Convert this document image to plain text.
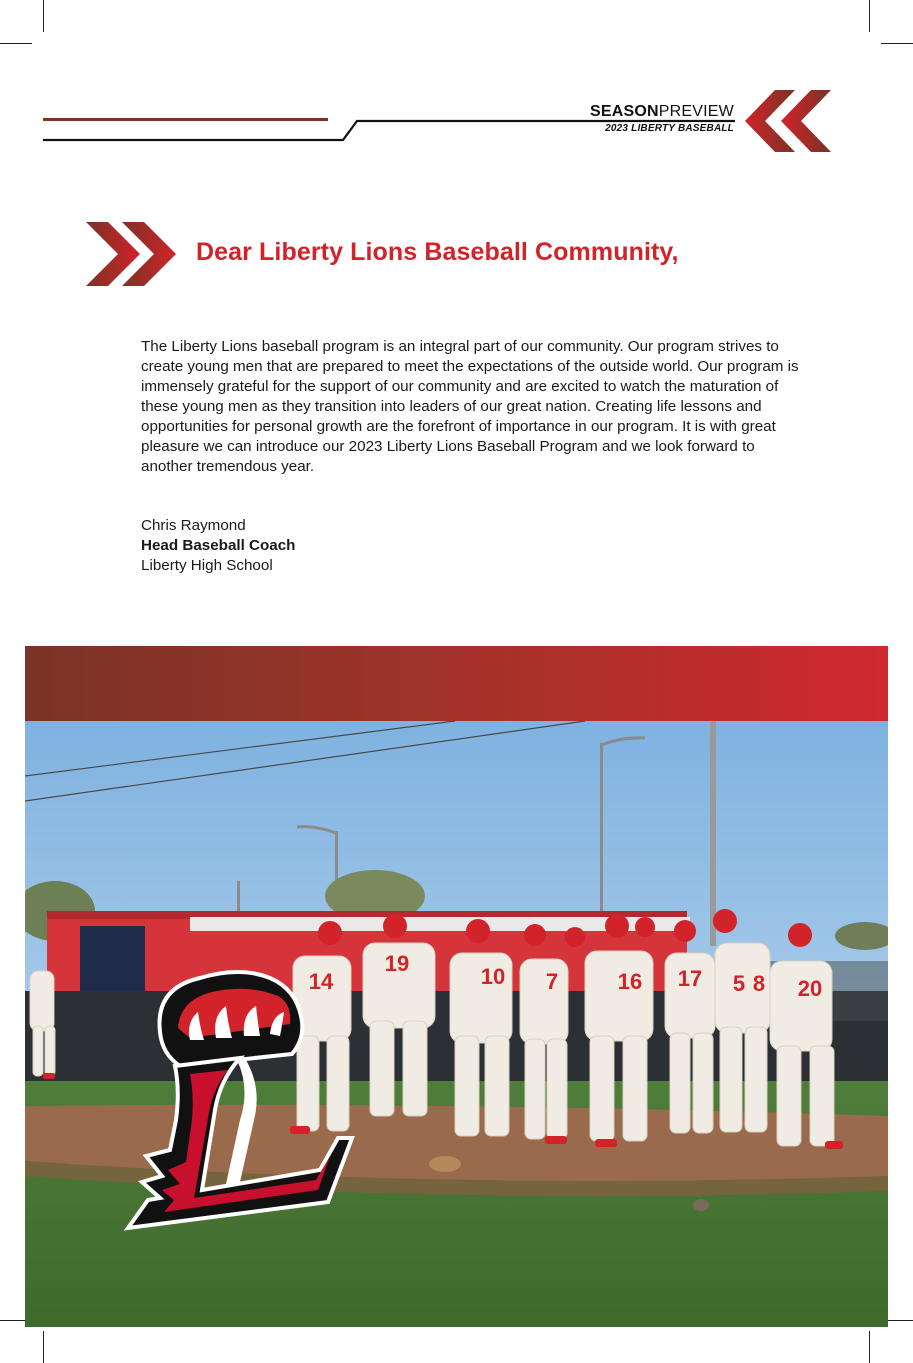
SEASONPREVIEW
2023 LIBERTY BASEBALL
Dear Liberty Lions Baseball Community,

The Liberty Lions baseball program is an integral part of our community. Our program strives to create young men that are prepared to meet the expectations of the outside world. Our program is immensely grateful for the support of our community and are excited to watch the maturation of these young men as they transition into leaders of our great nation. Creating life lessons and opportunities for personal growth are the forefront of importance in our program. It is with great pleasure we can introduce our 2023 Liberty Lions Baseball Program and we look forward to another tremendous year.

Chris Raymond
Head Baseball Coach
Liberty High School
14
19
10 7	16 17 5 8 20
